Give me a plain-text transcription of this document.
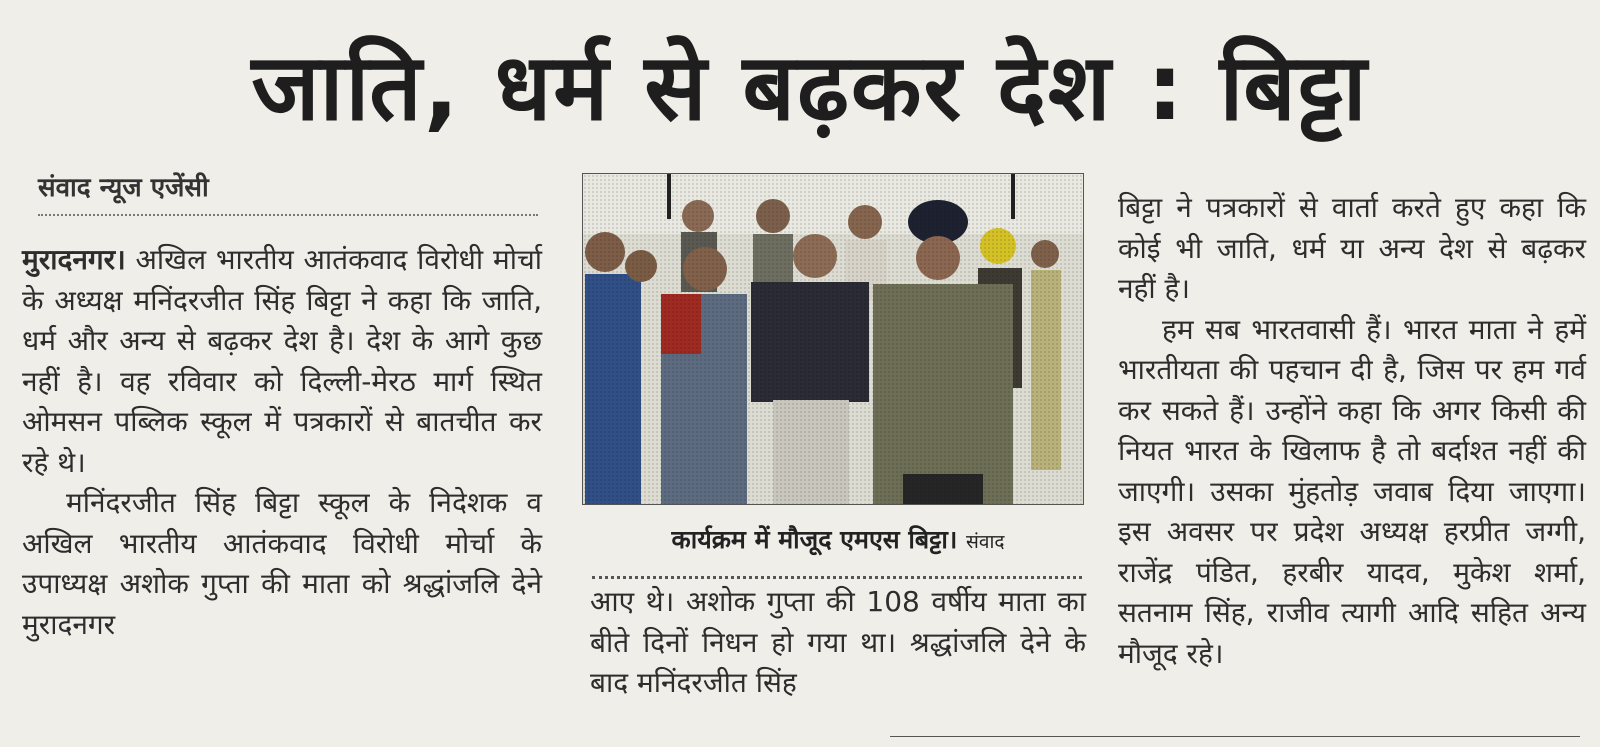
जाति, धर्म से बढ़कर देश : बिट्टा
संवाद न्यूज एजेंसी

मुरादनगर। अखिल भारतीय आतंकवाद विरोधी मोर्चा के अध्यक्ष मनिंदरजीत सिंह बिट्टा ने कहा कि जाति, धर्म और अन्य से बढ़कर देश है। देश के आगे कुछ नहीं है। वह रविवार को दिल्ली-मेरठ मार्ग स्थित ओमसन पब्लिक स्कूल में पत्रकारों से बातचीत कर रहे थे।

मनिंदरजीत सिंह बिट्टा स्कूल के निदेशक व अखिल भारतीय आतंकवाद विरोधी मोर्चा के उपाध्यक्ष अशोक गुप्ता की माता को श्रद्धांजलि देने मुरादनगर

कार्यक्रम में मौजूद एमएस बिट्टा। संवाद

आए थे। अशोक गुप्ता की 108 वर्षीय माता का बीते दिनों निधन हो गया था। श्रद्धांजलि देने के बाद मनिंदरजीत सिंह

बिट्टा ने पत्रकारों से वार्ता करते हुए कहा कि कोई भी जाति, धर्म या अन्य देश से बढ़कर नहीं है।

हम सब भारतवासी हैं। भारत माता ने हमें भारतीयता की पहचान दी है, जिस पर हम गर्व कर सकते हैं। उन्होंने कहा कि अगर किसी की नियत भारत के खिलाफ है तो बर्दाश्त नहीं की जाएगी। उसका मुंहतोड़ जवाब दिया जाएगा। इस अवसर पर प्रदेश अध्यक्ष हरप्रीत जग्गी, राजेंद्र पंडित, हरबीर यादव, मुकेश शर्मा, सतनाम सिंह, राजीव त्यागी आदि सहित अन्य मौजूद रहे।
